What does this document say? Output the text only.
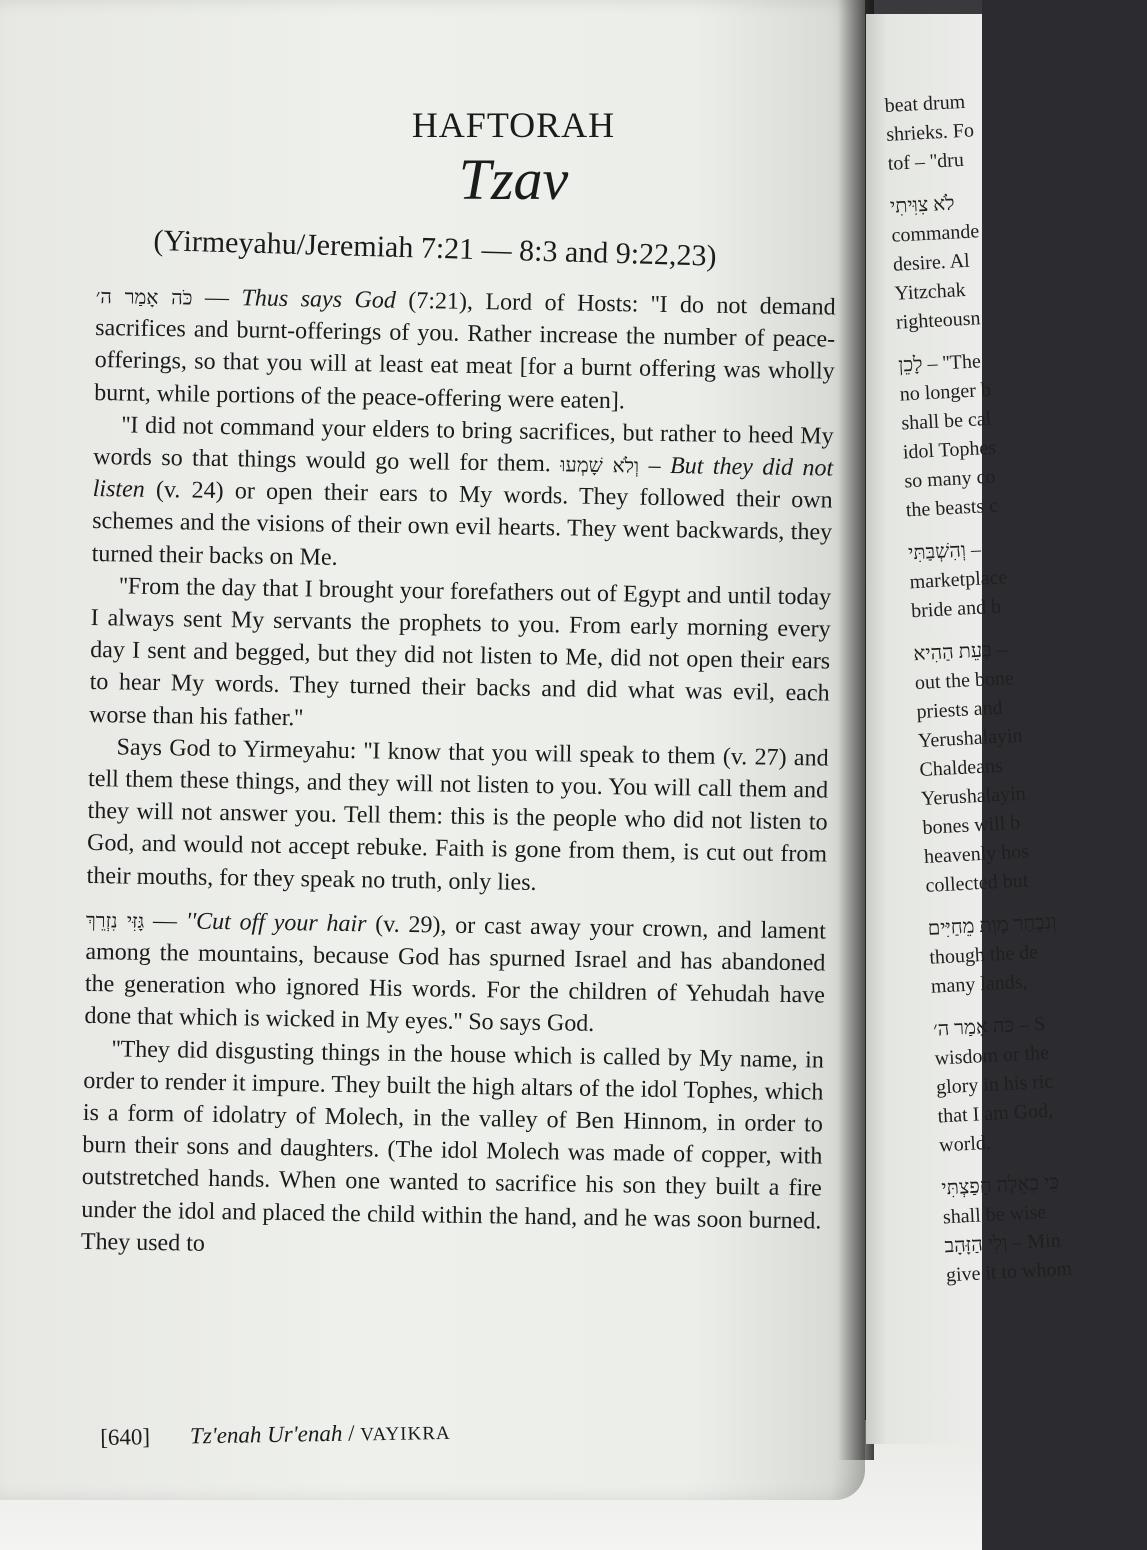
HAFTORAH
Tzav
(Yirmeyahu/Jeremiah 7:21 — 8:3 and 9:22,23)

כֹּה אָמַר ה׳ — Thus says God (7:21), Lord of Hosts: ''I do not demand sacrifices and burnt-offerings of you. Rather increase the number of peace-offerings, so that you will at least eat meat [for a burnt offering was wholly burnt, while portions of the peace-offering were eaten].

''I did not command your elders to bring sacrifices, but rather to heed My words so that things would go well for them. וְלֹא שָׁמְעוּ – But they did not listen (v. 24) or open their ears to My words. They followed their own schemes and the visions of their own evil hearts. They went backwards, they turned their backs on Me.

''From the day that I brought your forefathers out of Egypt and until today I always sent My servants the prophets to you. From early morning every day I sent and begged, but they did not listen to Me, did not open their ears to hear My words. They turned their backs and did what was evil, each worse than his father.''

Says God to Yirmeyahu: ''I know that you will speak to them (v. 27) and tell them these things, and they will not listen to you. You will call them and they will not answer you. Tell them: this is the people who did not listen to God, and would not accept rebuke. Faith is gone from them, is cut out from their mouths, for they speak no truth, only lies.

גָּזִּי נִזְרֵךְ — ''Cut off your hair (v. 29), or cast away your crown, and lament among the mountains, because God has spurned Israel and has abandoned the generation who ignored His words. For the children of Yehudah have done that which is wicked in My eyes.'' So says God.

''They did disgusting things in the house which is called by My name, in order to render it impure. They built the high altars of the idol Tophes, which is a form of idolatry of Molech, in the valley of Ben Hinnom, in order to burn their sons and daughters. (The idol Molech was made of copper, with outstretched hands. When one wanted to sacrifice his son they built a fire under the idol and placed the child within the hand, and he was soon burned. They used to

[640] Tz'enah Ur'enah / VAYIKRA
beat drum
shrieks. Fo
tof – ''dru
לֹא צִוִּיתִי
commande
desire. Al
Yitzchak
righteousn
לָכֵן – ''The
no longer b
shall be cal
idol Tophes
so many co
the beasts c
וְהִשְׁבַּתִּי –
marketplace
bride and b
בָּעֵת הַהִיא –
out the bone
priests and
Yerushalayin
Chaldeans
Yerushalayin
bones will b
heavenly hos
collected but
וְנִבְחַר מָוֶת מֵחַיִּים
though the de
many lands,
כֹּה אָמַר ה׳ – S
wisdom or the
glory in his ric
that I am God,
world.
כִּי בְאֵלֶּה חָפַצְתִּי
shall be wise
וְלִי הַזָּהָב – Min
give it to whom
